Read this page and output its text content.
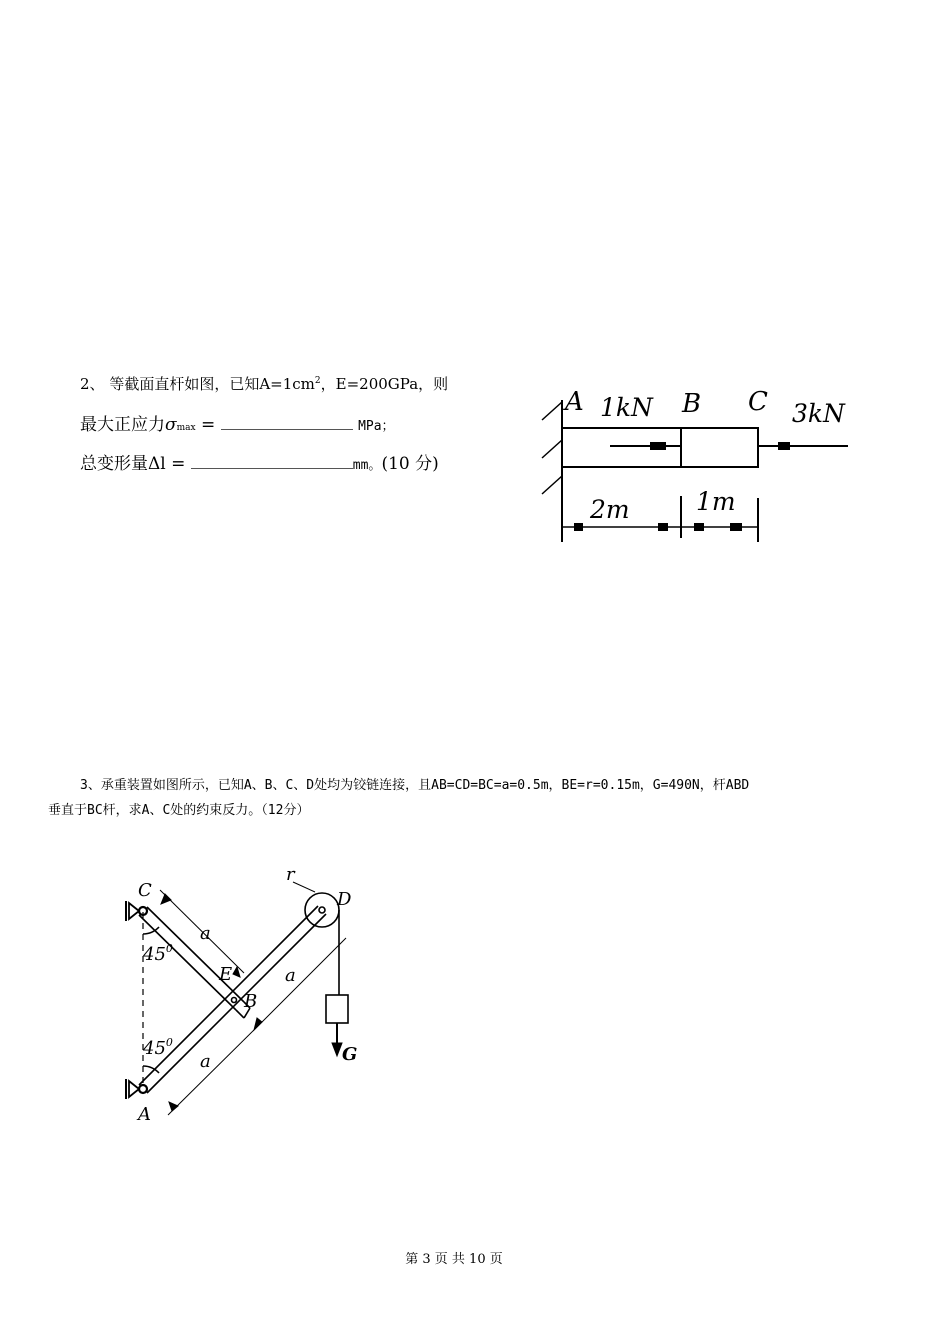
2、 等截面直杆如图，已知$A=1cm^2$，E=200GPa，则
最大正应力σmax =	MPa；
总变形量Δl =	mm。(10 分)
A 1kN B C 3kN
2m	1m
3、承重装置如图所示，已知A、B、C、D处均为铰链连接，且AB=CD=BC=a=0.5m，BE=r=0.15m，G=490N，杆ABD
垂直于BC杆，求A、C处的约束反力。（12分）
C	D
r
E
B
A
a
a
a
$45^0$
$45^0$
G
第 3 页 共 10 页
